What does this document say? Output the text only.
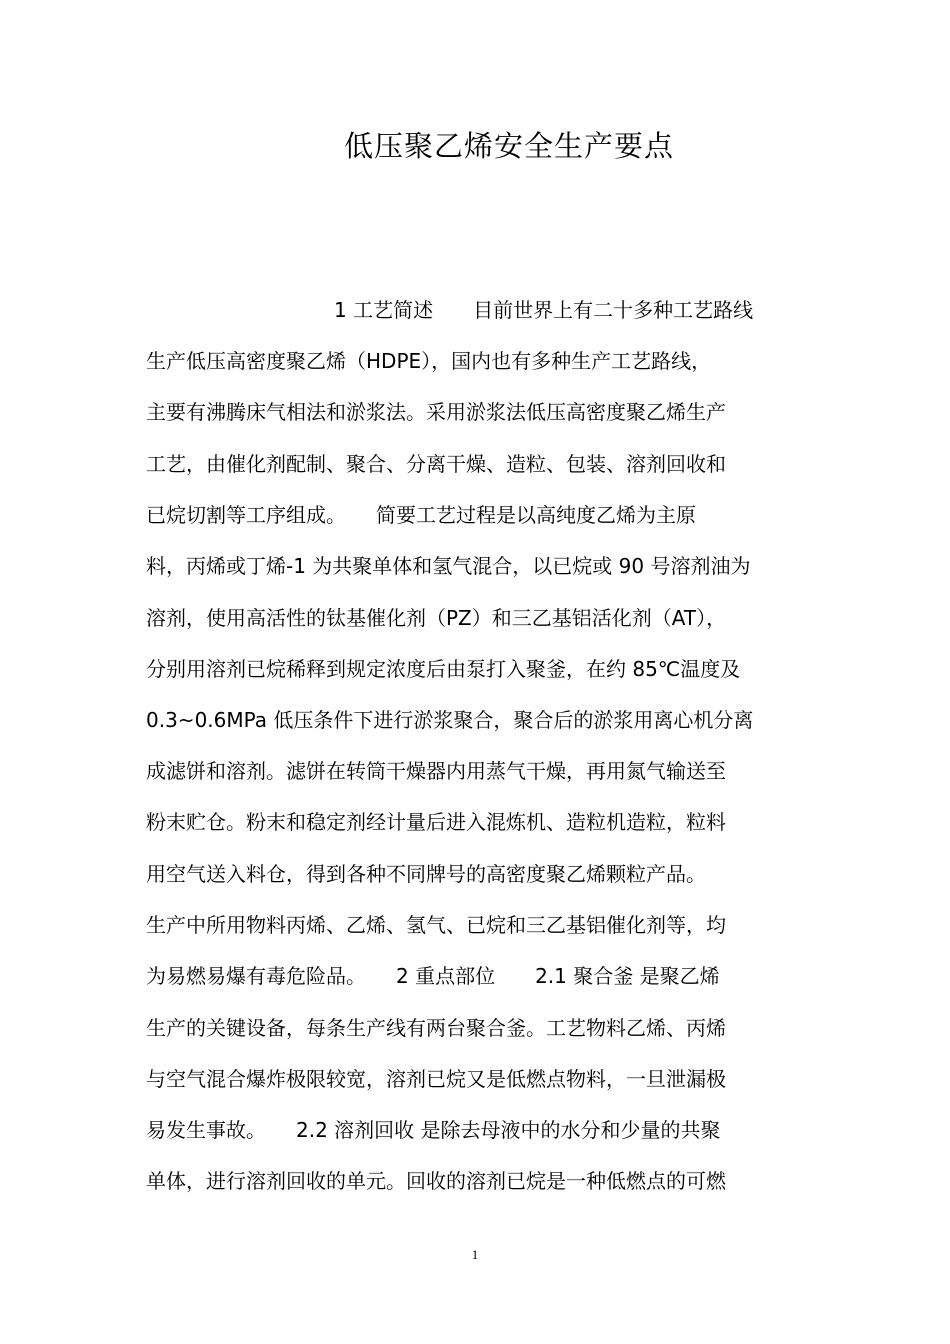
低压聚乙烯安全生产要点
1 工艺简述　　目前世界上有二十多种工艺路线
生产低压高密度聚乙烯（HDPE），国内也有多种生产工艺路线，
主要有沸腾床气相法和淤浆法。采用淤浆法低压高密度聚乙烯生产
工艺，由催化剂配制、聚合、分离干燥、造粒、包装、溶剂回收和
已烷切割等工序组成。　　简要工艺过程是以高纯度乙烯为主原
料，丙烯或丁烯-1 为共聚单体和氢气混合，以已烷或 90 号溶剂油为
溶剂，使用高活性的钛基催化剂（PZ）和三乙基铝活化剂（AT），
分别用溶剂已烷稀释到规定浓度后由泵打入聚釜，在约 85℃温度及
0.3~0.6MPa 低压条件下进行淤浆聚合，聚合后的淤浆用离心机分离
成滤饼和溶剂。滤饼在转筒干燥器内用蒸气干燥，再用氮气输送至
粉末贮仓。粉末和稳定剂经计量后进入混炼机、造粒机造粒，粒料
用空气送入料仓，得到各种不同牌号的高密度聚乙烯颗粒产品。
生产中所用物料丙烯、乙烯、氢气、已烷和三乙基铝催化剂等，均
为易燃易爆有毒危险品。　　2 重点部位　　2.1 聚合釜 是聚乙烯
生产的关键设备，每条生产线有两台聚合釜。工艺物料乙烯、丙烯
与空气混合爆炸极限较宽，溶剂已烷又是低燃点物料，一旦泄漏极
易发生事故。　　2.2 溶剂回收 是除去母液中的水分和少量的共聚
单体，进行溶剂回收的单元。回收的溶剂已烷是一种低燃点的可燃
1
